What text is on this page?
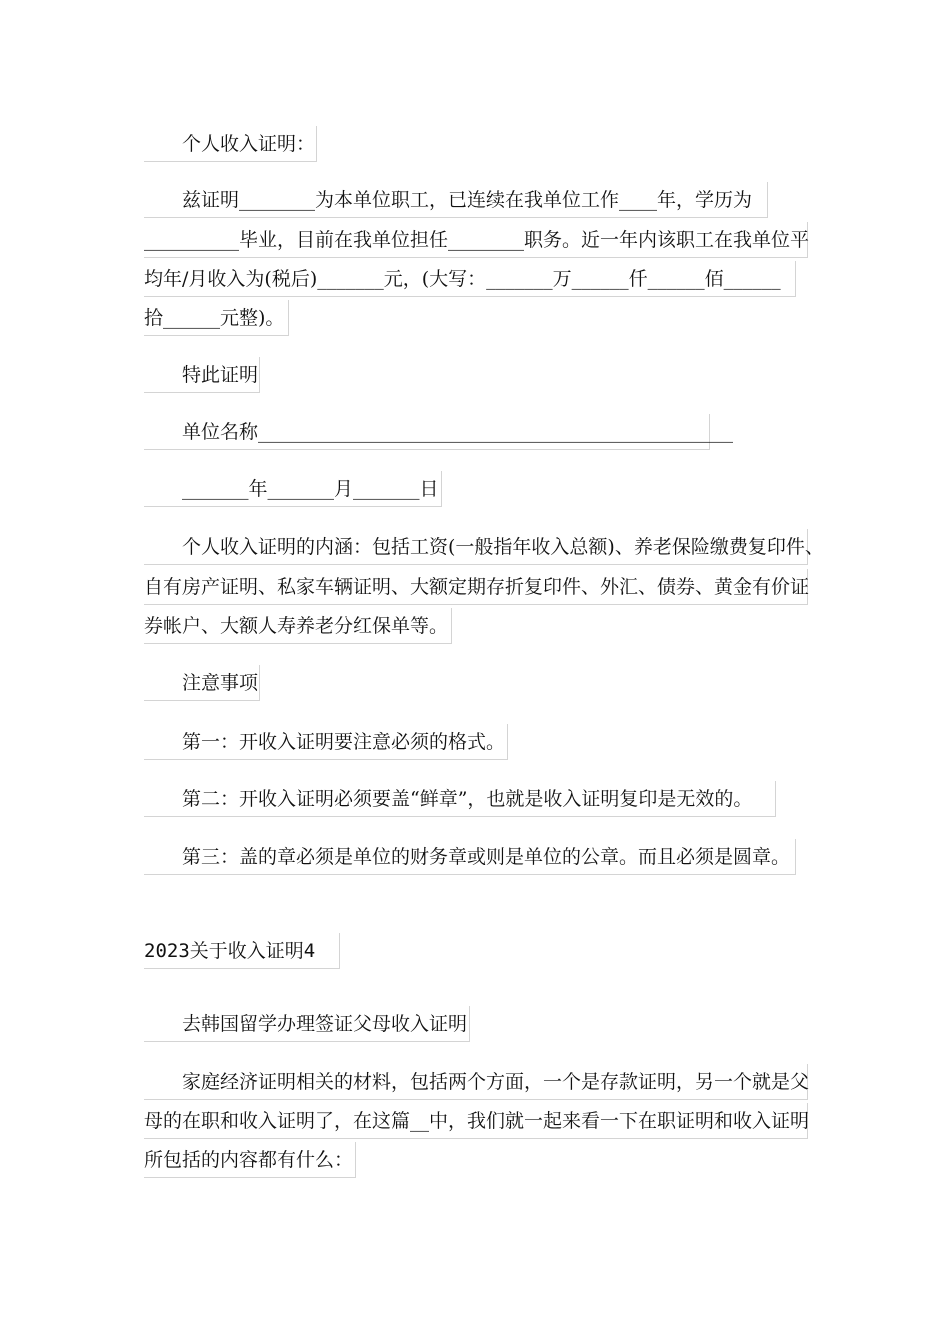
个人收入证明：
兹证明________为本单位职工，已连续在我单位工作____年，学历为
__________毕业，目前在我单位担任________职务。近一年内该职工在我单位平
均年/月收入为(税后)_______元，(大写：_______万______仟______佰______
拾______元整)。
特此证明
单位名称__________________________________________________
_______年_______月_______日
个人收入证明的内涵：包括工资(一般指年收入总额)、养老保险缴费复印件、
自有房产证明、私家车辆证明、大额定期存折复印件、外汇、债券、黄金有价证
券帐户、大额人寿养老分红保单等。
注意事项
第一：开收入证明要注意必须的格式。
第二：开收入证明必须要盖“鲜章”，也就是收入证明复印是无效的。
第三：盖的章必须是单位的财务章或则是单位的公章。而且必须是圆章。
2023关于收入证明4
去韩国留学办理签证父母收入证明
家庭经济证明相关的材料，包括两个方面，一个是存款证明，另一个就是父
母的在职和收入证明了，在这篇__中，我们就一起来看一下在职证明和收入证明
所包括的内容都有什么：
